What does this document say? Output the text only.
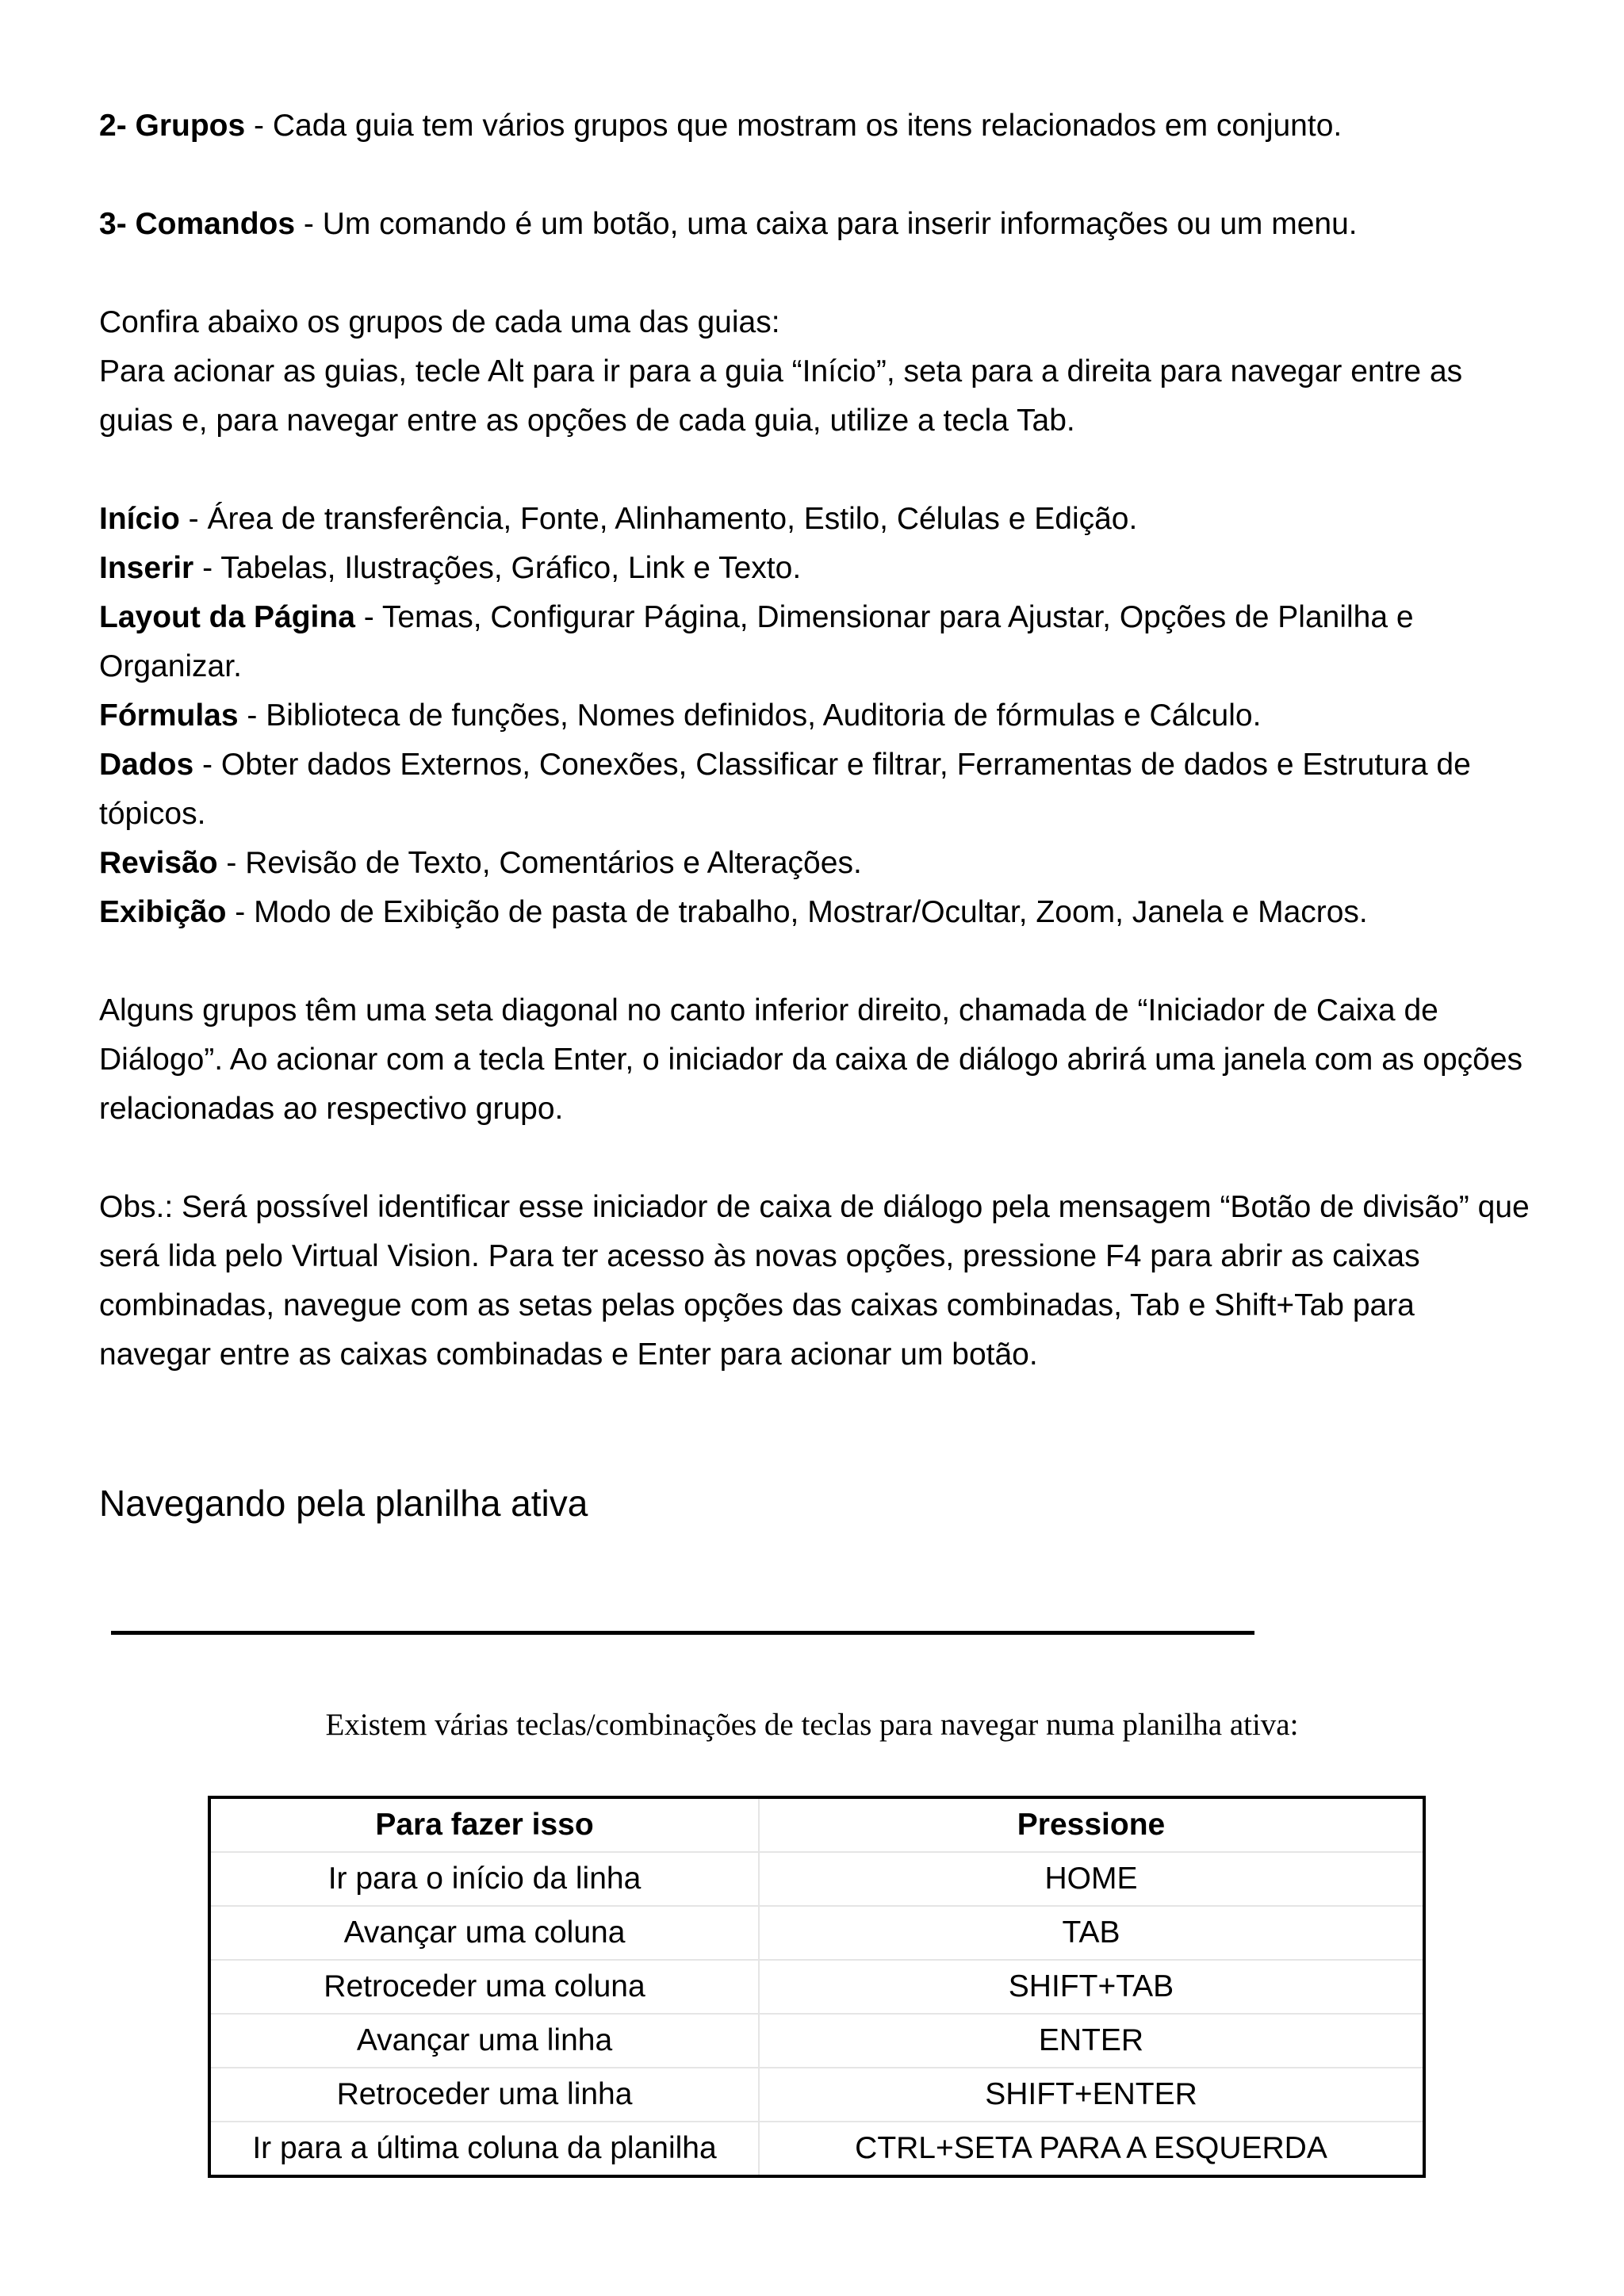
2- Grupos - Cada guia tem vários grupos que mostram os itens relacionados em conjunto.

3- Comandos - Um comando é um botão, uma caixa para inserir informações ou um menu.

Confira abaixo os grupos de cada uma das guias:

Para acionar as guias, tecle Alt para ir para a guia “Início”, seta para a direita para navegar entre as guias e, para navegar entre as opções de cada guia, utilize a tecla Tab.

Início - Área de transferência, Fonte, Alinhamento, Estilo, Células e Edição.

Inserir - Tabelas, Ilustrações, Gráfico, Link e Texto.

Layout da Página - Temas, Configurar Página, Dimensionar para Ajustar, Opções de Planilha e Organizar.

Fórmulas - Biblioteca de funções, Nomes definidos, Auditoria de fórmulas e Cálculo.

Dados - Obter dados Externos, Conexões, Classificar e filtrar, Ferramentas de dados e Estrutura de tópicos.

Revisão - Revisão de Texto, Comentários e Alterações.

Exibição - Modo de Exibição de pasta de trabalho, Mostrar/Ocultar, Zoom, Janela e Macros.

Alguns grupos têm uma seta diagonal no canto inferior direito, chamada de “Iniciador de Caixa de Diálogo”. Ao acionar com a tecla Enter, o iniciador da caixa de diálogo abrirá uma janela com as opções relacionadas ao respectivo grupo.

Obs.: Será possível identificar esse iniciador de caixa de diálogo pela mensagem “Botão de divisão” que será lida pelo Virtual Vision. Para ter acesso às novas opções, pressione F4 para abrir as caixas combinadas, navegue com as setas pelas opções das caixas combinadas, Tab e Shift+Tab para navegar entre as caixas combinadas e Enter para acionar um botão.

Navegando pela planilha ativa
Existem várias teclas/combinações de teclas para navegar numa planilha ativa:
Para fazer isso	Pressione
Ir para o início da linha	HOME
Avançar uma coluna	TAB
Retroceder uma coluna	SHIFT+TAB
Avançar uma linha	ENTER
Retroceder uma linha	SHIFT+ENTER
Ir para a última coluna da planilha	CTRL+SETA PARA A ESQUERDA
